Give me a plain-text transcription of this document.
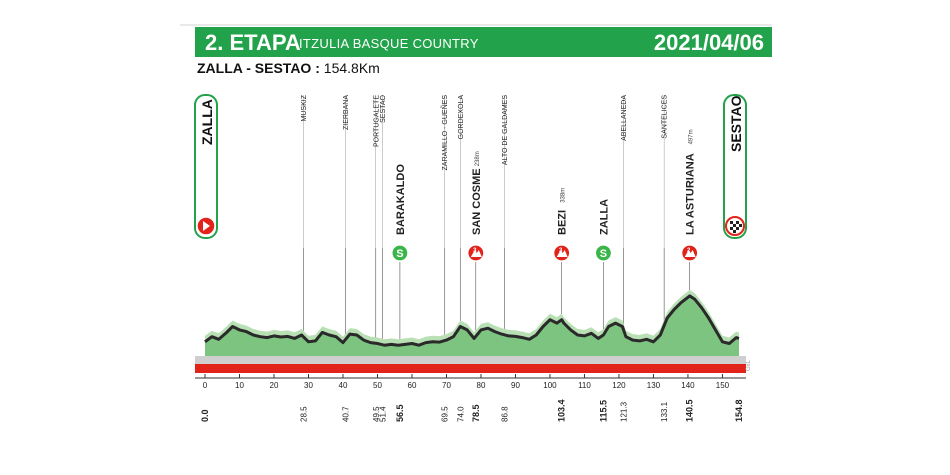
2. ETAPA
ITZULIA BASQUE COUNTRY	2021/04/06
ZALLA - SESTAO : 154.8Km
ZALLA	SESTAO
MUSKIZ	ZIERBANA	PORTUGALETE SESTAO
S
BARAKALDO
ZARAMILLO - GUEÑES GORDEXOLA
3
SAN COSME
238m	ALTO DE GALDAMES
3
BEZI
338m
S
ZALLA
ABELLANEDA	SANTELICES
2
LA ASTURIANA
497m
0	10	20	30	40	50	60	70	80	90	100	110	120	130	140	150
0.0	28.5	40.7	49.5
51.4 56.5	69.5 74.0 78.5 86.8	103.4	115.5 121.3	133.1 140.5	154.8
GxL
